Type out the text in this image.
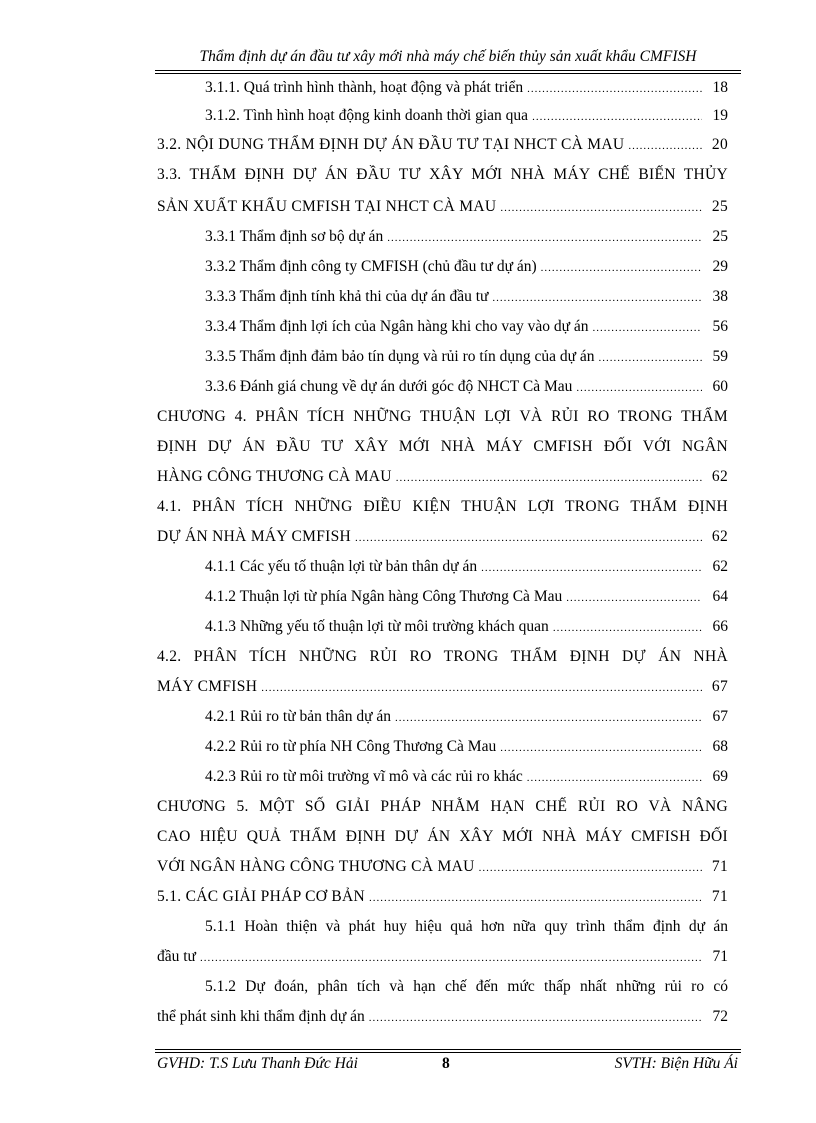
Thẩm định dự án đầu tư xây mới nhà máy chế biến thủy sản xuất khẩu CMFISH
3.1.1. Quá trình hình thành, hoạt động và phát triển .....	18
3.1.2. Tình hình hoạt động kinh doanh thời gian qua .....	19
3.2. NỘI DUNG THẨM ĐỊNH DỰ ÁN ĐẦU TƯ TẠI NHCT CÀ MAU .....	20
3.3. THẨM ĐỊNH DỰ ÁN ĐẦU TƯ XÂY MỚI NHÀ MÁY CHẾ BIẾN THỦY
SẢN XUẤT KHẨU CMFISH TẠI NHCT CÀ MAU .....	25
3.3.1 Thẩm định sơ bộ dự án .....	25
3.3.2 Thẩm định công ty CMFISH (chủ đầu tư dự án) .....	29
3.3.3 Thẩm định tính khả thi của dự án đầu tư .....	38
3.3.4 Thẩm định lợi ích của Ngân hàng khi cho vay vào dự án .....	56
3.3.5 Thẩm định đảm bảo tín dụng và rủi ro tín dụng của dự án .....	59
3.3.6 Đánh giá chung về dự án dưới góc độ NHCT Cà Mau .....	60
CHƯƠNG 4. PHÂN TÍCH NHỮNG THUẬN LỢI VÀ RỦI RO TRONG THẨM
ĐỊNH DỰ ÁN ĐẦU TƯ XÂY MỚI NHÀ MÁY CMFISH ĐỐI VỚI NGÂN
HÀNG CÔNG THƯƠNG CÀ MAU .....	62
4.1. PHÂN TÍCH NHỮNG ĐIỀU KIỆN THUẬN LỢI TRONG THẨM ĐỊNH
DỰ ÁN NHÀ MÁY CMFISH .....	62
4.1.1 Các yếu tố thuận lợi từ bản thân dự án .....	62
4.1.2 Thuận lợi từ phía Ngân hàng Công Thương Cà Mau .....	64
4.1.3 Những yếu tố thuận lợi từ môi trường khách quan .....	66
4.2. PHÂN TÍCH NHỮNG RỦI RO TRONG THẨM ĐỊNH DỰ ÁN NHÀ
MÁY CMFISH .....	67
4.2.1 Rủi ro từ bản thân dự án .....	67
4.2.2 Rủi ro từ phía NH Công Thương Cà Mau .....	68
4.2.3 Rủi ro từ môi trường vĩ mô và các rủi ro khác .....	69
CHƯƠNG 5. MỘT SỐ GIẢI PHÁP NHẰM HẠN CHẾ RỦI RO VÀ NÂNG
CAO HIỆU QUẢ THẨM ĐỊNH DỰ ÁN XÂY MỚI NHÀ MÁY CMFISH ĐỐI
VỚI NGÂN HÀNG CÔNG THƯƠNG CÀ MAU .....	71
5.1. CÁC GIẢI PHÁP CƠ BẢN .....	71
5.1.1 Hoàn thiện và phát huy hiệu quả hơn nữa quy trình thẩm định dự án
đầu tư .....	71
5.1.2 Dự đoán, phân tích và hạn chế đến mức thấp nhất những rủi ro có
thể phát sinh khi thẩm định dự án .....	72
GVHD: T.S Lưu Thanh Đức Hải	8	SVTH: Biện Hữu Ái
